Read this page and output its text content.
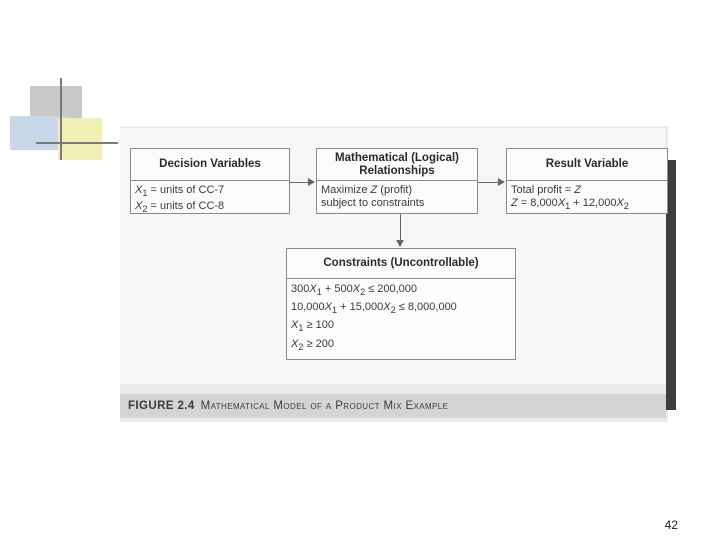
Decision Variables
$X_1$ = units of CC-7
$X_2$ = units of CC-8
Mathematical (Logical)
Relationships
Maximize Z (profit)
subject to constraints
Result Variable
Total profit = Z
$Z = 8,000X_1 + 12,000X_2$
Constraints (Uncontrollable)
$300X_1 + 500X_2 \le 200,000$
$10,000X_1 + 15,000X_2 \le 8,000,000$
$X_1 \ge 100$
$X_2 \ge 200$
FIGURE 2.4 Mathematical Model of a Product Mix Example
42
